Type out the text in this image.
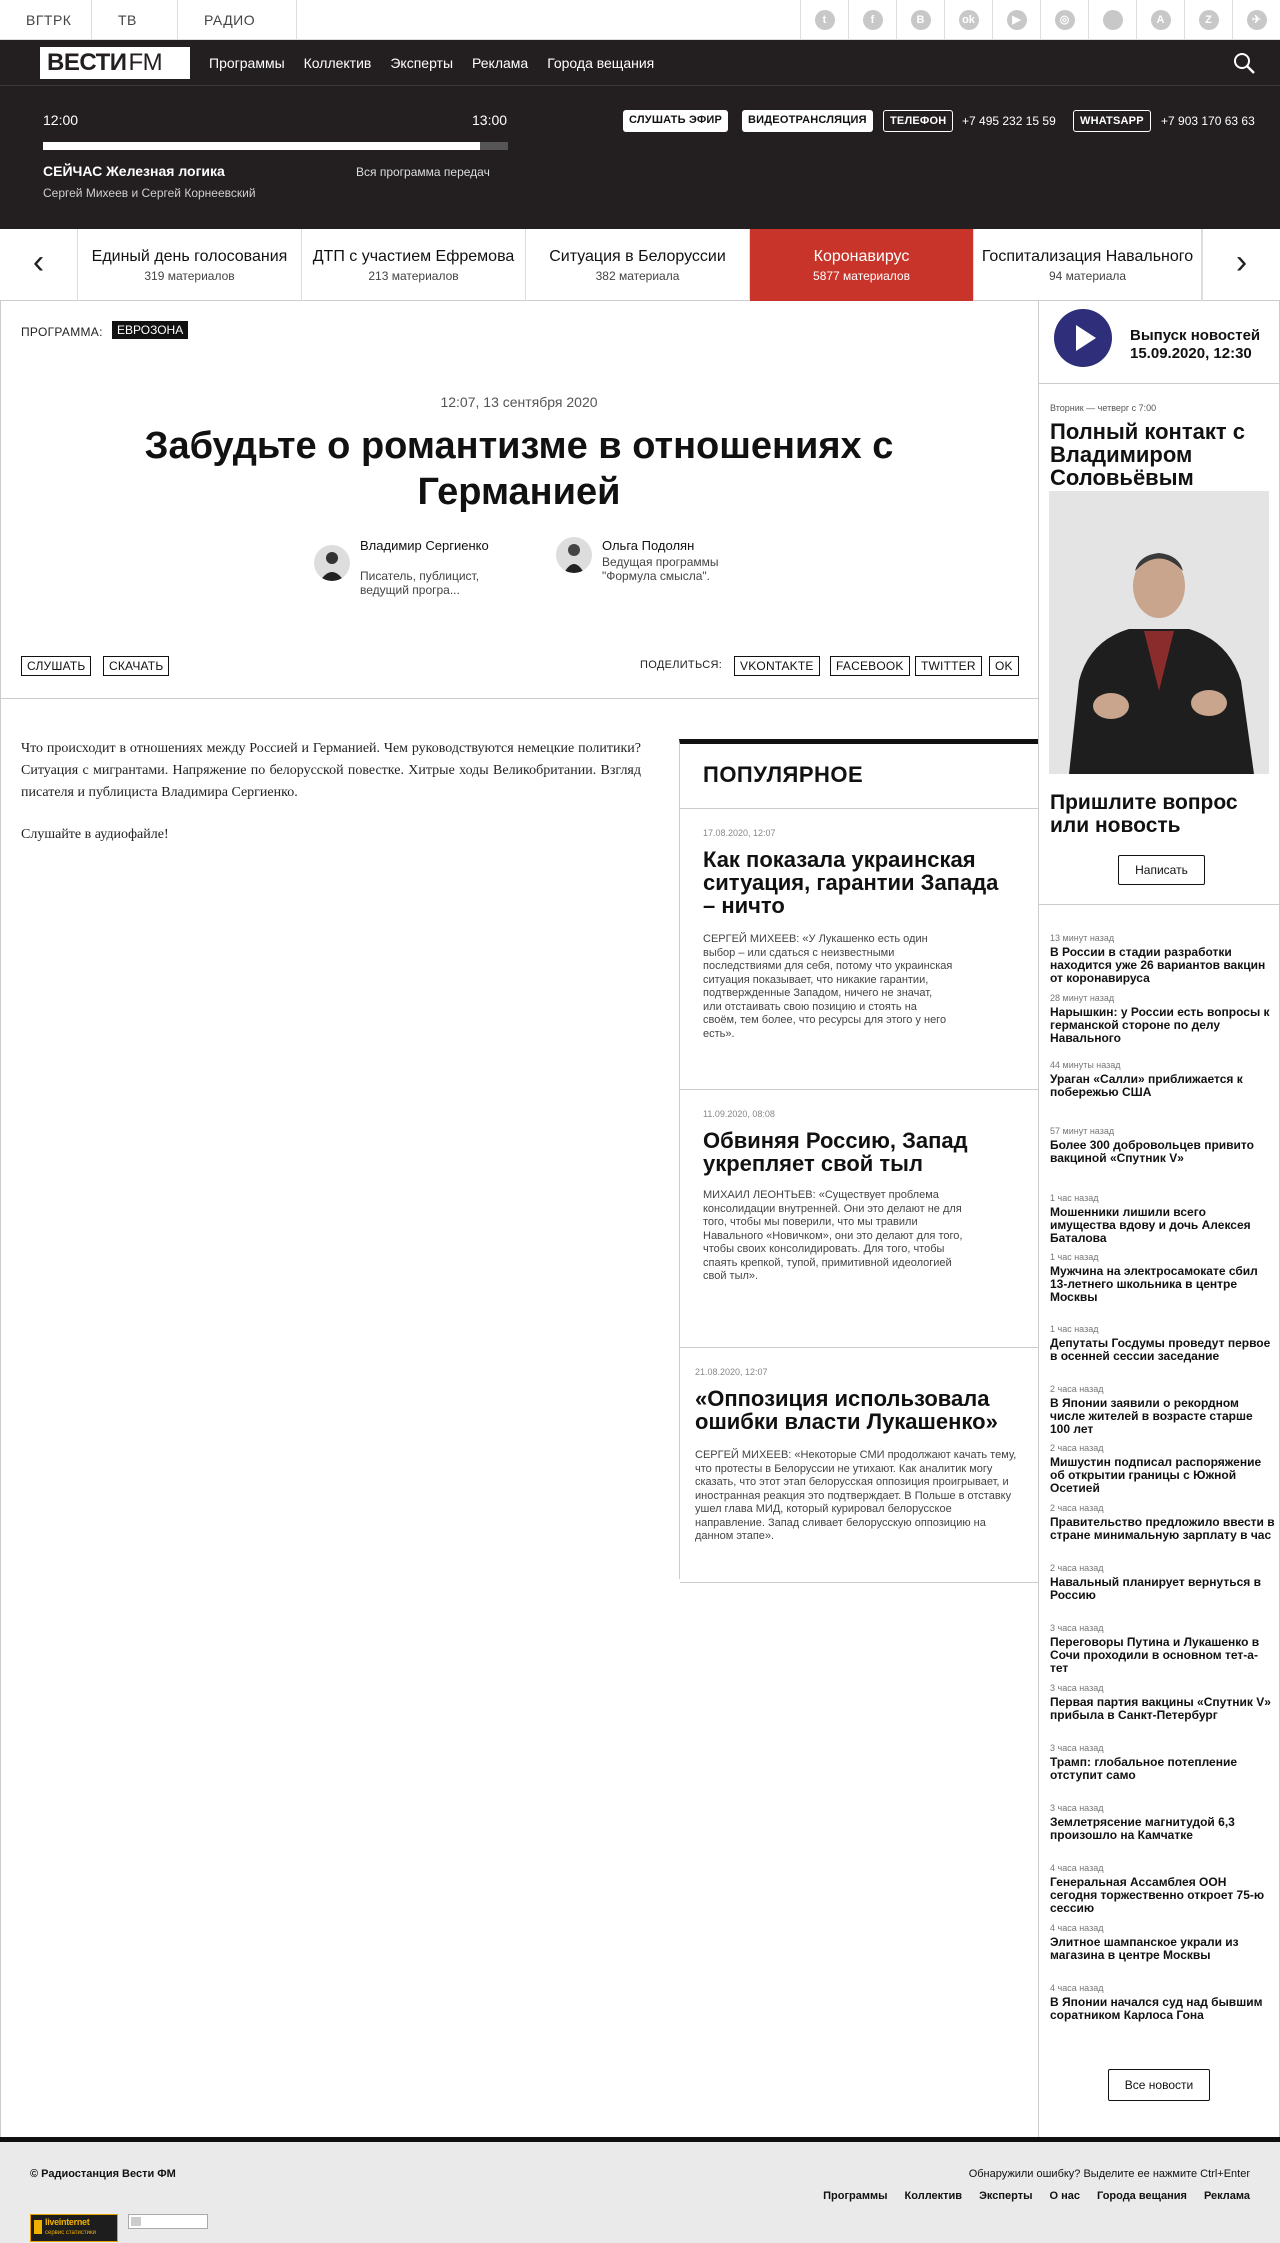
ВГТРК	ТВ	РАДИО	t	f	B	ok	▶	◎	A	Z	✈
ВЕСТИFM	Программы Коллектив Эксперты Реклама Города вещания
12:00	13:00
СЕЙЧАС Железная логика
Сергей Михеев и Сергей Корнеевский
Вся программа передач
СЛУШАТЬ ЭФИР	ВИДЕОТРАНСЛЯЦИЯ	ТЕЛЕФОН	+7 495 232 15 59	WHATSAPP	+7 903 170 63 63
‹	Единый день голосования
319 материалов
ДТП с участием Ефремова
213 материалов
Ситуация в Белоруссии
382 материала
Коронавирус
5877 материалов
Госпитализация Навального
94 материала	›
ПРОГРАММА:	ЕВРОЗОНА
12:07, 13 сентября 2020
Забудьте о романтизме в отношениях с Германией
Владимир Сергиенко
Писатель, публицист, ведущий програ...
Ольга Подолян
Ведущая программы "Формула смысла".
СЛУШАТЬ	СКАЧАТЬ	ПОДЕЛИТЬСЯ:	VKONTAKTE	FACEBOOK	TWITTER	OK

Что происходит в отношениях между Россией и Германией. Чем руководствуются немецкие политики? Ситуация с мигрантами. Напряжение по белорусской повестке. Хитрые ходы Великобритании. Взгляд писателя и публициста Владимира Сергиенко.

Слушайте в аудиофайле!

ПОПУЛЯРНОЕ
17.08.2020, 12:07
Как показала украинская ситуация, гарантии Запада – ничто
СЕРГЕЙ МИХЕЕВ: «У Лукашенко есть один выбор – или сдаться с неизвестными последствиями для себя, потому что украинская ситуация показывает, что никакие гарантии, подтвержденные Западом, ничего не значат, или отстаивать свою позицию и стоять на своём, тем более, что ресурсы для этого у него есть».
11.09.2020, 08:08
Обвиняя Россию, Запад укрепляет свой тыл
МИХАИЛ ЛЕОНТЬЕВ: «Существует проблема консолидации внутренней. Они это делают не для того, чтобы мы поверили, что мы травили Навального «Новичком», они это делают для того, чтобы своих консолидировать. Для того, чтобы спаять крепкой, тупой, примитивной идеологией свой тыл».
21.08.2020, 12:07
«Оппозиция использовала ошибки власти Лукашенко»
СЕРГЕЙ МИХЕЕВ: «Некоторые СМИ продолжают качать тему, что протесты в Белоруссии не утихают. Как аналитик могу сказать, что этот этап белорусская оппозиция проигрывает, и иностранная реакция это подтверждает. В Польше в отставку ушел глава МИД, который курировал белорусское направление. Запад сливает белорусскую оппозицию на данном этапе».
Выпуск новостей 15.09.2020, 12:30
Вторник — четверг с 7:00
Полный контакт с Владимиром Соловьёвым
Пришлите вопрос или новость
Написать
13 минут назад
В России в стадии разработки находится уже 26 вариантов вакцин от коронавируса
28 минут назад
Нарышкин: у России есть вопросы к германской стороне по делу Навального
44 минуты назад
Ураган «Салли» приближается к побережью США
57 минут назад
Более 300 добровольцев привито вакциной «Спутник V»
1 час назад
Мошенники лишили всего имущества вдову и дочь Алексея Баталова
1 час назад
Мужчина на электросамокате сбил 13-летнего школьника в центре Москвы
1 час назад
Депутаты Госдумы проведут первое в осенней сессии заседание
2 часа назад
В Японии заявили о рекордном числе жителей в возрасте старше 100 лет
2 часа назад
Мишустин подписал распоряжение об открытии границы с Южной Осетией
2 часа назад
Правительство предложило ввести в стране минимальную зарплату в час
2 часа назад
Навальный планирует вернуться в Россию
3 часа назад
Переговоры Путина и Лукашенко в Сочи проходили в основном тет-а-тет
3 часа назад
Первая партия вакцины «Спутник V» прибыла в Санкт-Петербург
3 часа назад
Трамп: глобальное потепление отступит само
3 часа назад
Землетрясение магнитудой 6,3 произошло на Камчатке
4 часа назад
Генеральная Ассамблея ООН сегодня торжественно откроет 75-ю сессию
4 часа назад
Элитное шампанское украли из магазина в центре Москвы
4 часа назад
В Японии начался суд над бывшим соратником Карлоса Гона
Все новости
© Радиостанция Вести ФМ	Обнаружили ошибку? Выделите ее нажмите Ctrl+Enter
Программы Коллектив Эксперты О нас Города вещания Реклама
liveinternet
сервис статистики
